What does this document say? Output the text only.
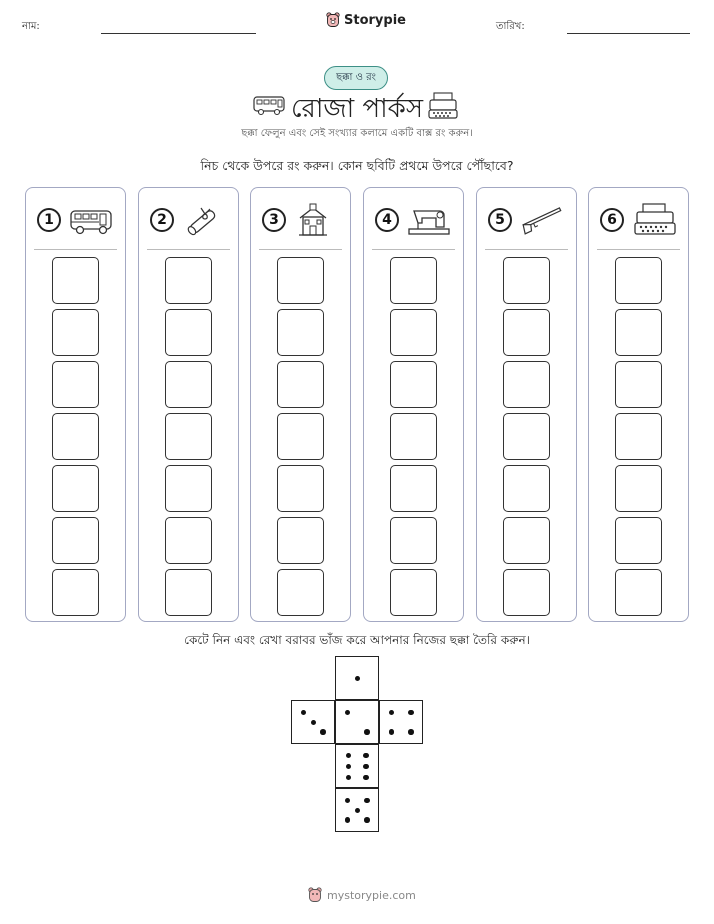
নাম:	Storypie	তারিখ:
ছক্কা ও রং
রোজা পার্কস
ছক্কা ফেলুন এবং সেই সংখ্যার কলামে একটি বাক্স রং করুন।
নিচ থেকে উপরে রং করুন। কোন ছবিটি প্রথমে উপরে পৌঁছাবে?
1	2	3	4	5	6
কেটে নিন এবং রেখা বরাবর ভাঁজ করে আপনার নিজের ছক্কা তৈরি করুন।
mystorypie.com
